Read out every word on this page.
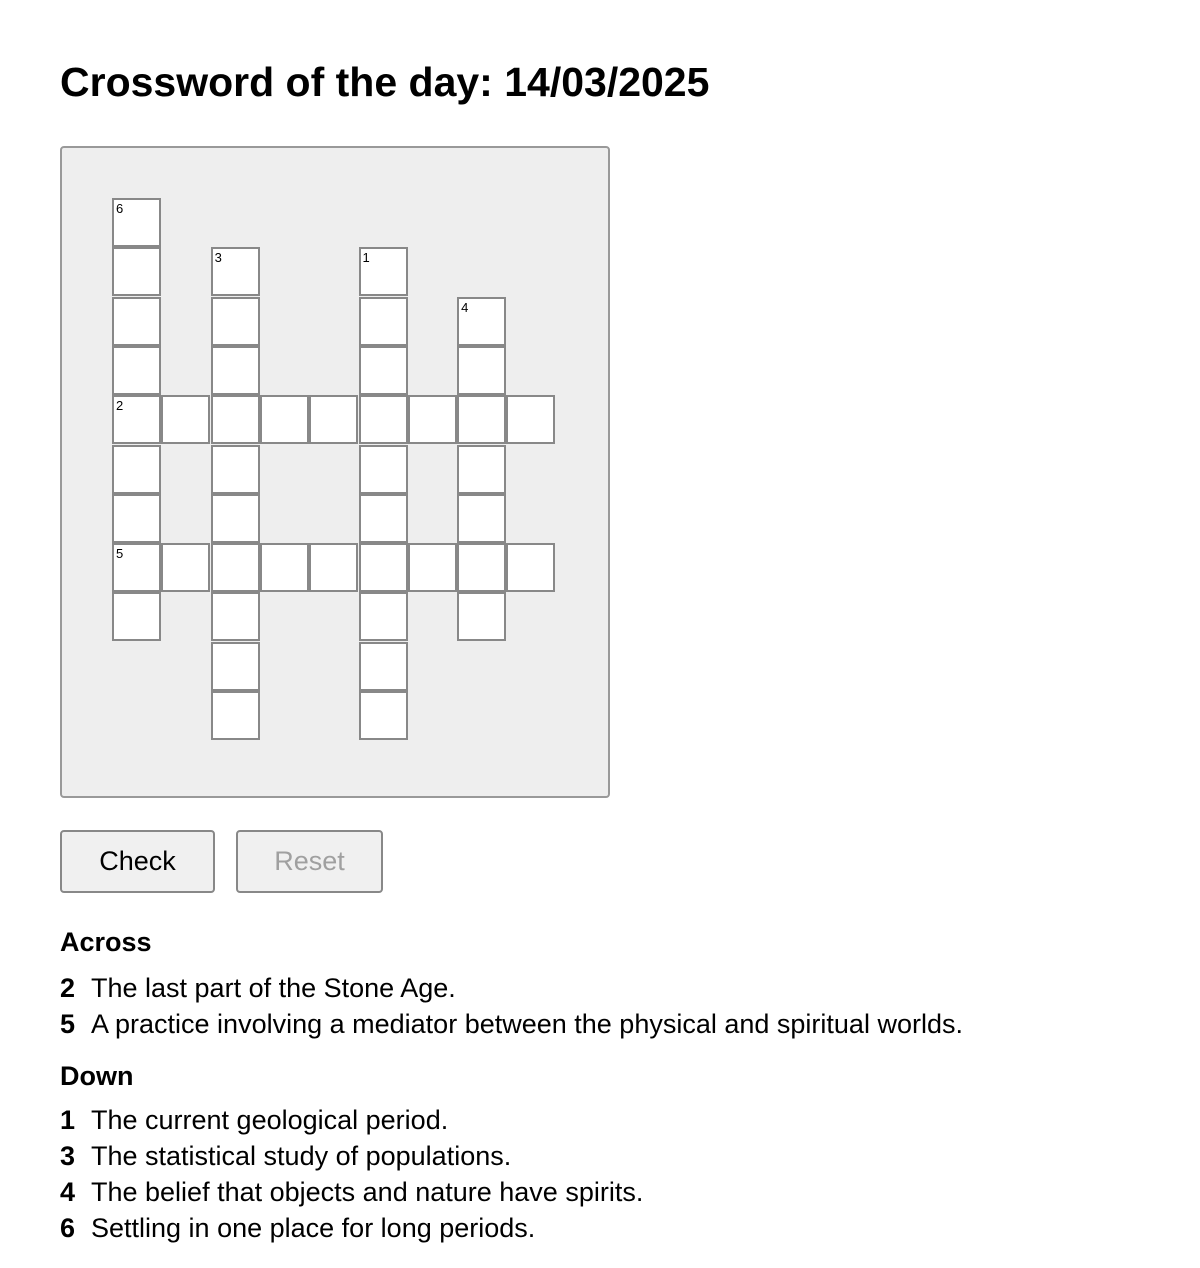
Crossword of the day: 14/03/2025
6
3	1
4
2
5
Check	Reset
Across
2 The last part of the Stone Age.
5 A practice involving a mediator between the physical and spiritual worlds.
Down
1 The current geological period.
3 The statistical study of populations.
4 The belief that objects and nature have spirits.
6 Settling in one place for long periods.
